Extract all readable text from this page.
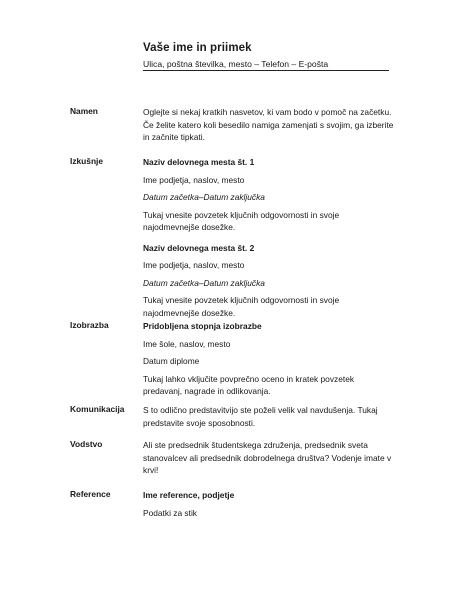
Vaše ime in priimek

Ulica, poštna številka, mesto – Telefon – E-pošta
Namen	Oglejte si nekaj kratkih nasvetov, ki vam bodo v pomoč na začetku. Če želite katero koli besedilo namiga zamenjati s svojim, ga izberite in začnite tipkati.

Izkušnje	Naziv delovnega mesta št. 1

Ime podjetja, naslov, mesto

Datum začetka–Datum zaključka

Tukaj vnesite povzetek ključnih odgovornosti in svoje najodmevnejše dosežke.

Naziv delovnega mesta št. 2

Ime podjetja, naslov, mesto

Datum začetka–Datum zaključka

Tukaj vnesite povzetek ključnih odgovornosti in svoje najodmevnejše dosežke.

Izobrazba	Pridobljena stopnja izobrazbe

Ime šole, naslov, mesto

Datum diplome

Tukaj lahko vključite povprečno oceno in kratek povzetek predavanj, nagrade in odlikovanja.

Komunikacija	S to odlično predstavitvijo ste poželi velik val navdušenja. Tukaj predstavite svoje sposobnosti.

Vodstvo	Ali ste predsednik študentskega združenja, predsednik sveta stanovalcev ali predsednik dobrodelnega društva? Vodenje imate v krvi!

Reference	Ime reference, podjetje

Podatki za stik
